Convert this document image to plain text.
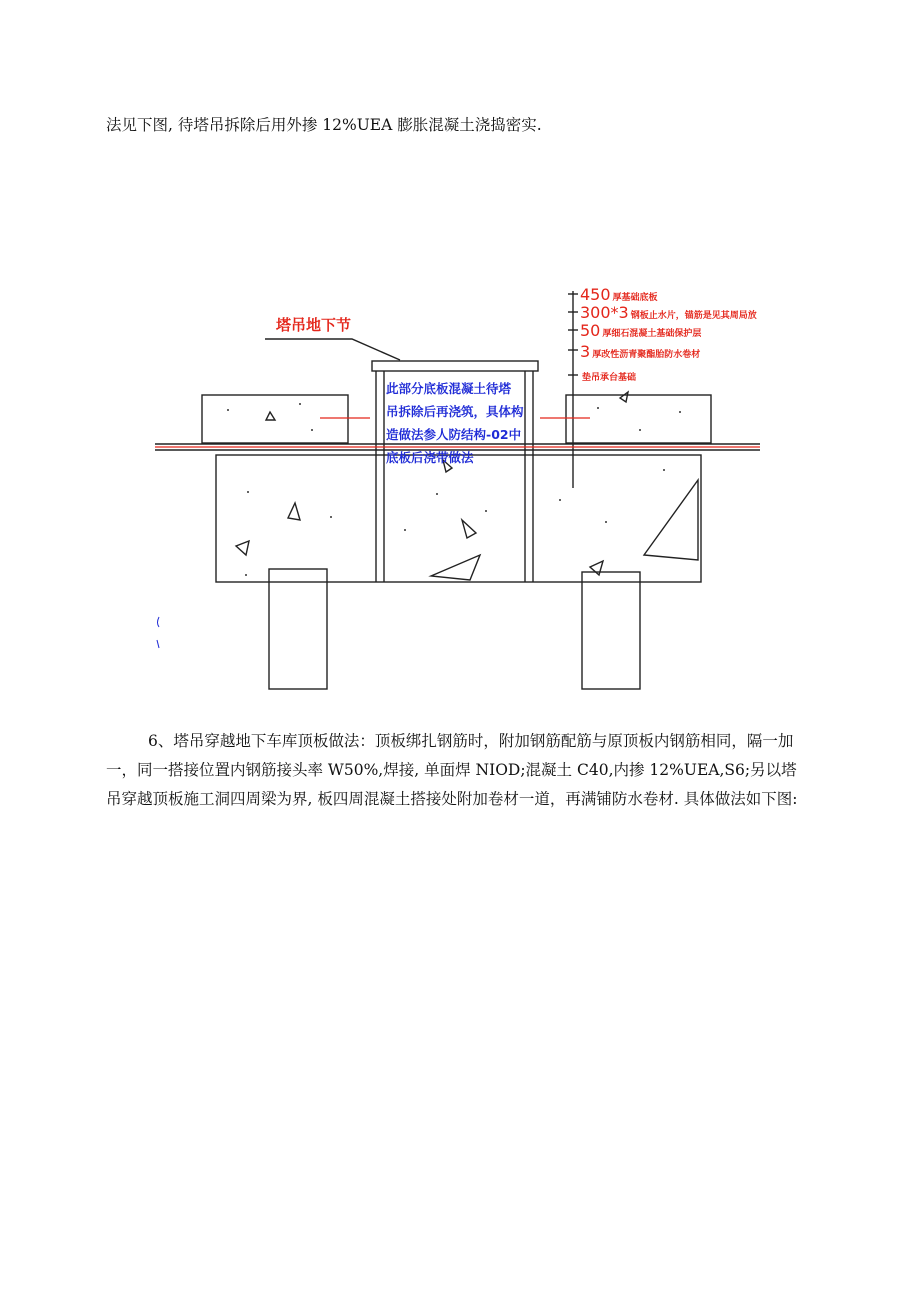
法见下图, 待塔吊拆除后用外掺 12%UEA 膨胀混凝土浇捣密实.

塔吊地下节
此部分底板混凝土待塔
吊拆除后再浇筑，具体构
造做法参人防结构-02中
底板后浇带做法
450 厚基础底板
300*3 钢板止水片，锚筋是见其周局放
50 厚细石混凝土基础保护层
3 厚改性沥青聚酯胎防水卷材
垫吊承台基础

6、塔吊穿越地下车库顶板做法：顶板绑扎钢筋时，附加钢筋配筋与原顶板内钢筋相同，隔一加一，同一搭接位置内钢筋接头率 W50%,焊接, 单面焊 NIOD;混凝土 C40,内掺 12%UEA,S6;另以塔吊穿越顶板施工洞四周梁为界, 板四周混凝土搭接处附加卷材一道，再满铺防水卷材. 具体做法如下图:
